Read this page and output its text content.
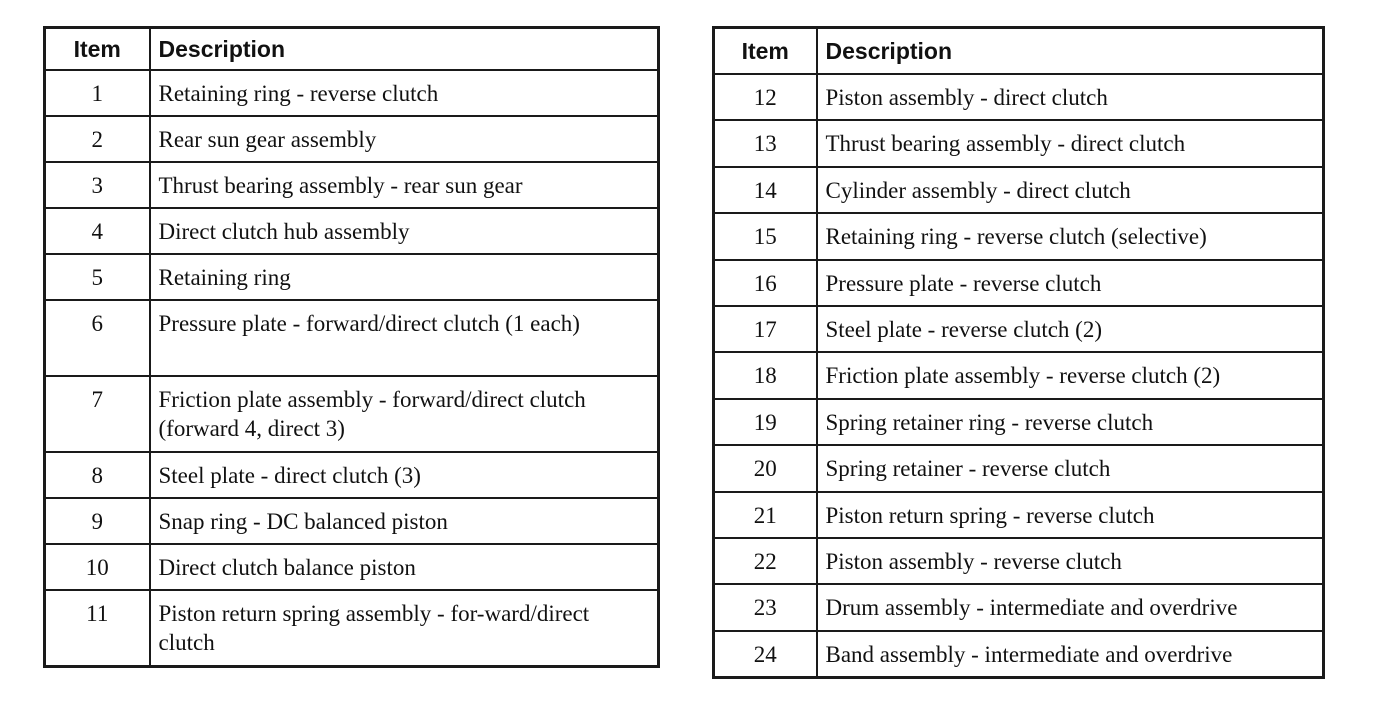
Item	Description
1	Retaining ring - reverse clutch
2	Rear sun gear assembly
3	Thrust bearing assembly - rear sun gear
4	Direct clutch hub assembly
5	Retaining ring
6	Pressure plate - forward/direct clutch (1 each)
7	Friction plate assembly - forward/direct clutch (forward 4, direct 3)
8	Steel plate - direct clutch (3)
9	Snap ring - DC balanced piston
10	Direct clutch balance piston
11	Piston return spring assembly - for-ward/direct clutch
Item	Description
12	Piston assembly - direct clutch
13	Thrust bearing assembly - direct clutch
14	Cylinder assembly - direct clutch
15	Retaining ring - reverse clutch (selective)
16	Pressure plate - reverse clutch
17	Steel plate - reverse clutch (2)
18	Friction plate assembly - reverse clutch (2)
19	Spring retainer ring - reverse clutch
20	Spring retainer - reverse clutch
21	Piston return spring - reverse clutch
22	Piston assembly - reverse clutch
23	Drum assembly - intermediate and overdrive
24	Band assembly - intermediate and overdrive
